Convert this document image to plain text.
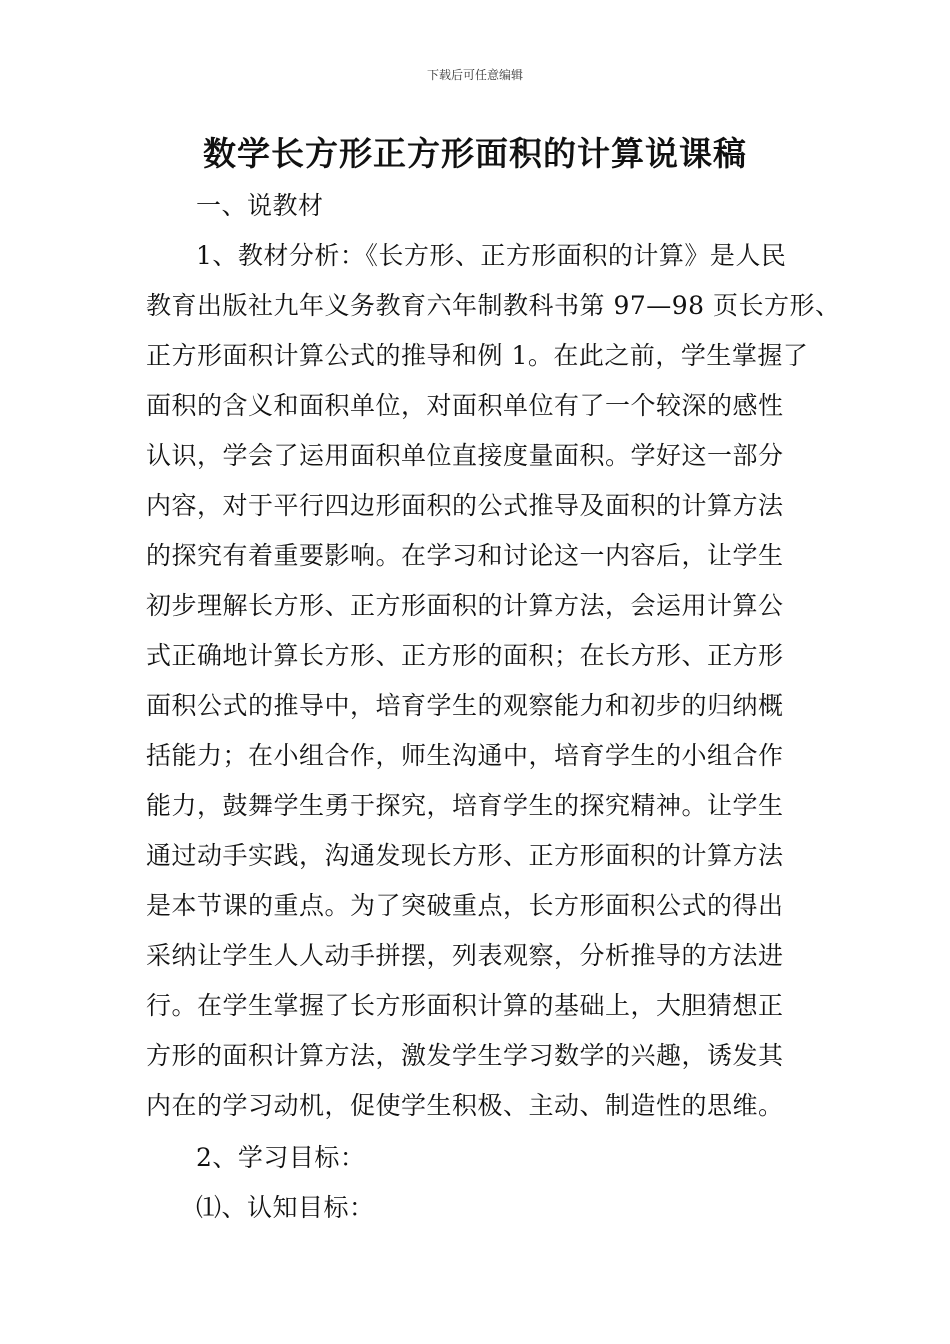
下载后可任意编辑
数学长方形正方形面积的计算说课稿
一、说教材
1、教材分析：《长方形、正方形面积的计算》是人民
教育出版社九年义务教育六年制教科书第 97—98 页长方形、
正方形面积计算公式的推导和例 1。在此之前，学生掌握了
面积的含义和面积单位，对面积单位有了一个较深的感性
认识，学会了运用面积单位直接度量面积。学好这一部分
内容，对于平行四边形面积的公式推导及面积的计算方法
的探究有着重要影响。在学习和讨论这一内容后，让学生
初步理解长方形、正方形面积的计算方法，会运用计算公
式正确地计算长方形、正方形的面积；在长方形、正方形
面积公式的推导中，培育学生的观察能力和初步的归纳概
括能力；在小组合作，师生沟通中，培育学生的小组合作
能力，鼓舞学生勇于探究，培育学生的探究精神。让学生
通过动手实践，沟通发现长方形、正方形面积的计算方法
是本节课的重点。为了突破重点，长方形面积公式的得出
采纳让学生人人动手拼摆，列表观察，分析推导的方法进
行。在学生掌握了长方形面积计算的基础上，大胆猜想正
方形的面积计算方法，激发学生学习数学的兴趣，诱发其
内在的学习动机，促使学生积极、主动、制造性的思维。
2、学习目标：
⑴、认知目标：
